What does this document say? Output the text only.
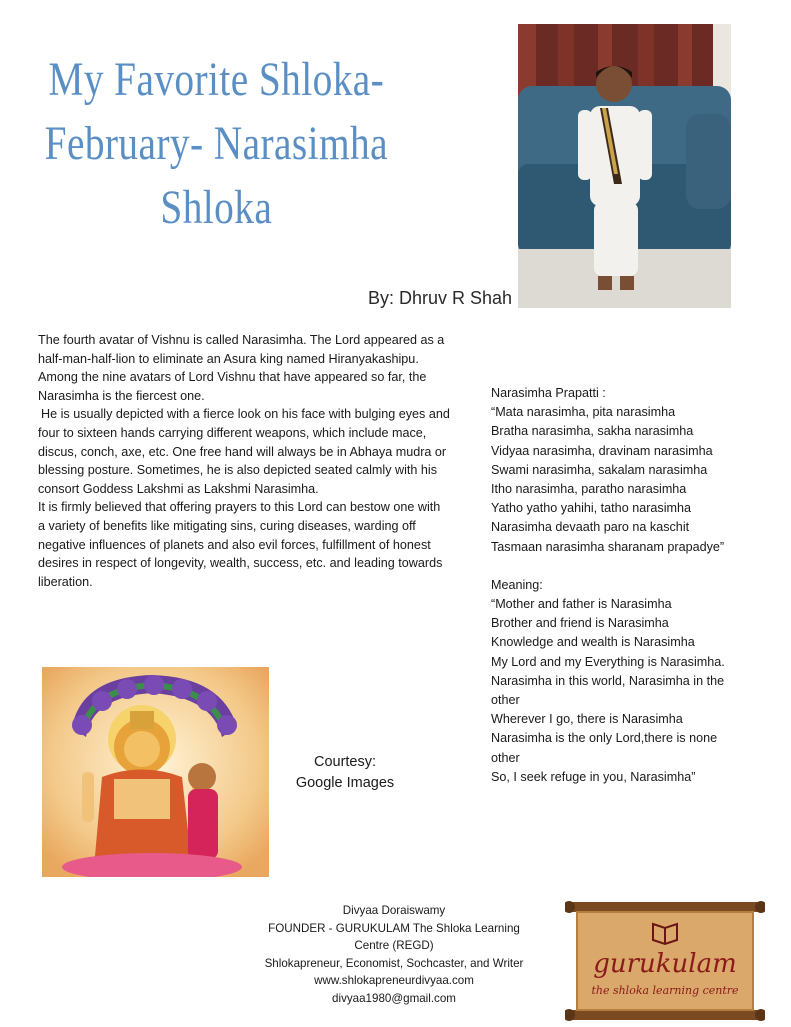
My Favorite Shloka-
February- Narasimha
Shloka
By: Dhruv R Shah

The fourth avatar of Vishnu is called Narasimha. The Lord appeared as a half-man-half-lion to eliminate an Asura king named Hiranyakashipu. Among the nine avatars of Lord Vishnu that have appeared so far, the Narasimha is the fiercest one.

He is usually depicted with a fierce look on his face with bulging eyes and four to sixteen hands carrying different weapons, which include mace, discus, conch, axe, etc. One free hand will always be in Abhaya mudra or blessing posture. Sometimes, he is also depicted seated calmly with his consort Goddess Lakshmi as Lakshmi Narasimha.

It is firmly believed that offering prayers to this Lord can bestow one with a variety of benefits like mitigating sins, curing diseases, warding off negative influences of planets and also evil forces, fulfillment of honest desires in respect of longevity, wealth, success, etc. and leading towards liberation.

Narasimha Prapatti :
“Mata narasimha, pita narasimha
Bratha narasimha, sakha narasimha
Vidyaa narasimha, dravinam narasimha
Swami narasimha, sakalam narasimha
Itho narasimha, paratho narasimha
Yatho yatho yahihi, tatho narasimha
Narasimha devaath paro na kaschit
Tasmaan narasimha sharanam prapadye”
Meaning:
“Mother and father is Narasimha
Brother and friend is Narasimha
Knowledge and wealth is Narasimha
My Lord and my Everything is Narasimha.
Narasimha in this world, Narasimha in the
other
Wherever I go, there is Narasimha
Narasimha is the only Lord,there is none
other
So, I seek refuge in you, Narasimha”
Courtesy:
Google Images
Divyaa Doraiswamy
FOUNDER - GURUKULAM The Shloka Learning
Centre (REGD)
Shlokapreneur, Economist, Sochcaster, and Writer
www.shlokapreneurdivyaa.com
divyaa1980@gmail.com
gurukulam
the shloka learning centre
